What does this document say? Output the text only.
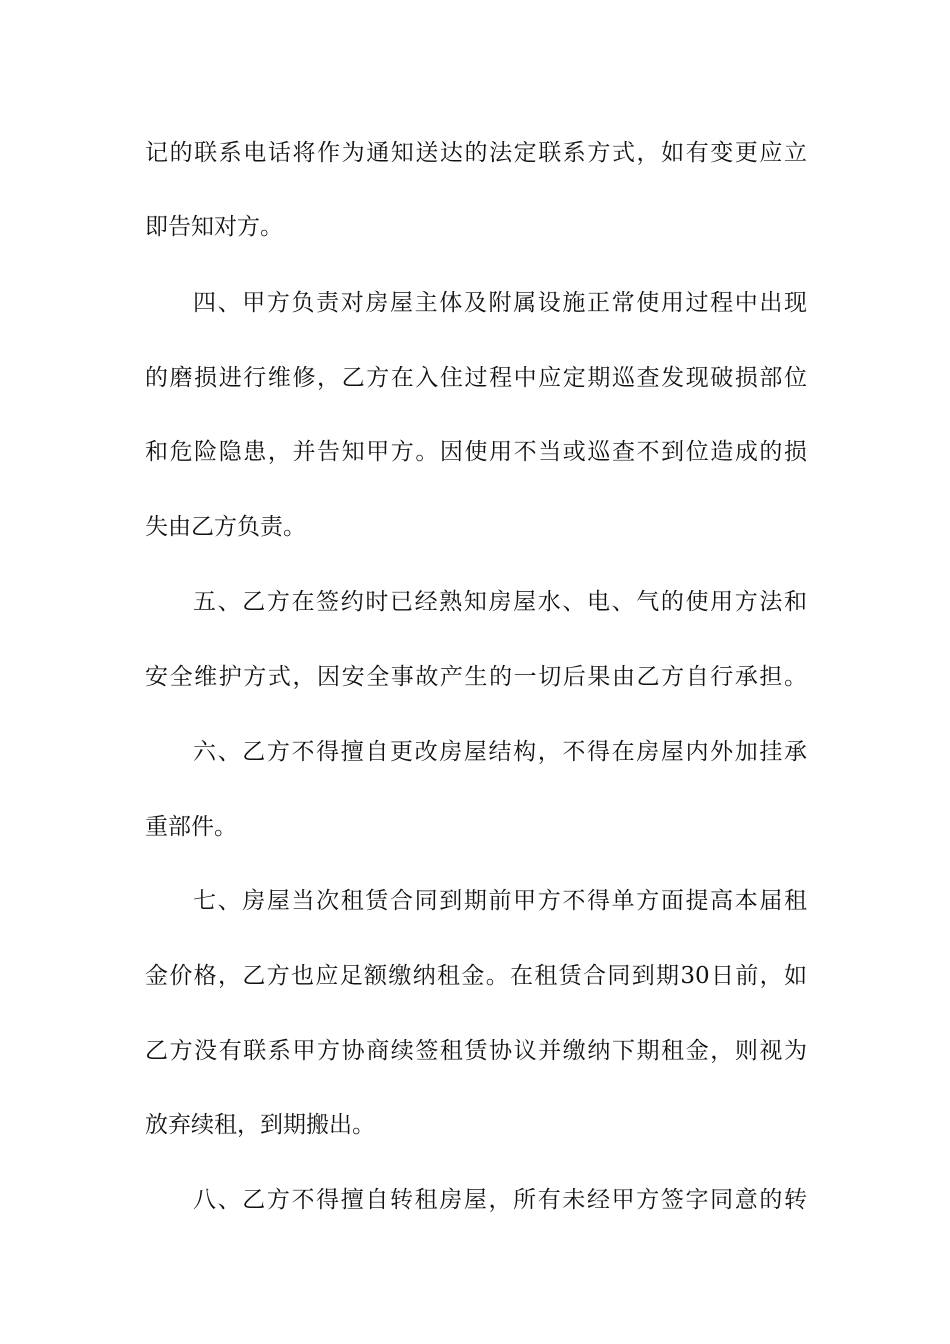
记的联系电话将作为通知送达的法定联系方式，如有变更应立
即告知对方。
四、甲方负责对房屋主体及附属设施正常使用过程中出现
的磨损进行维修，乙方在入住过程中应定期巡查发现破损部位
和危险隐患，并告知甲方。因使用不当或巡查不到位造成的损
失由乙方负责。
五、乙方在签约时已经熟知房屋水、电、气的使用方法和
安全维护方式，因安全事故产生的一切后果由乙方自行承担。
六、乙方不得擅自更改房屋结构，不得在房屋内外加挂承
重部件。
七、房屋当次租赁合同到期前甲方不得单方面提高本届租
金价格，乙方也应足额缴纳租金。在租赁合同到期30日前，如
乙方没有联系甲方协商续签租赁协议并缴纳下期租金，则视为
放弃续租，到期搬出。
八、乙方不得擅自转租房屋，所有未经甲方签字同意的转
